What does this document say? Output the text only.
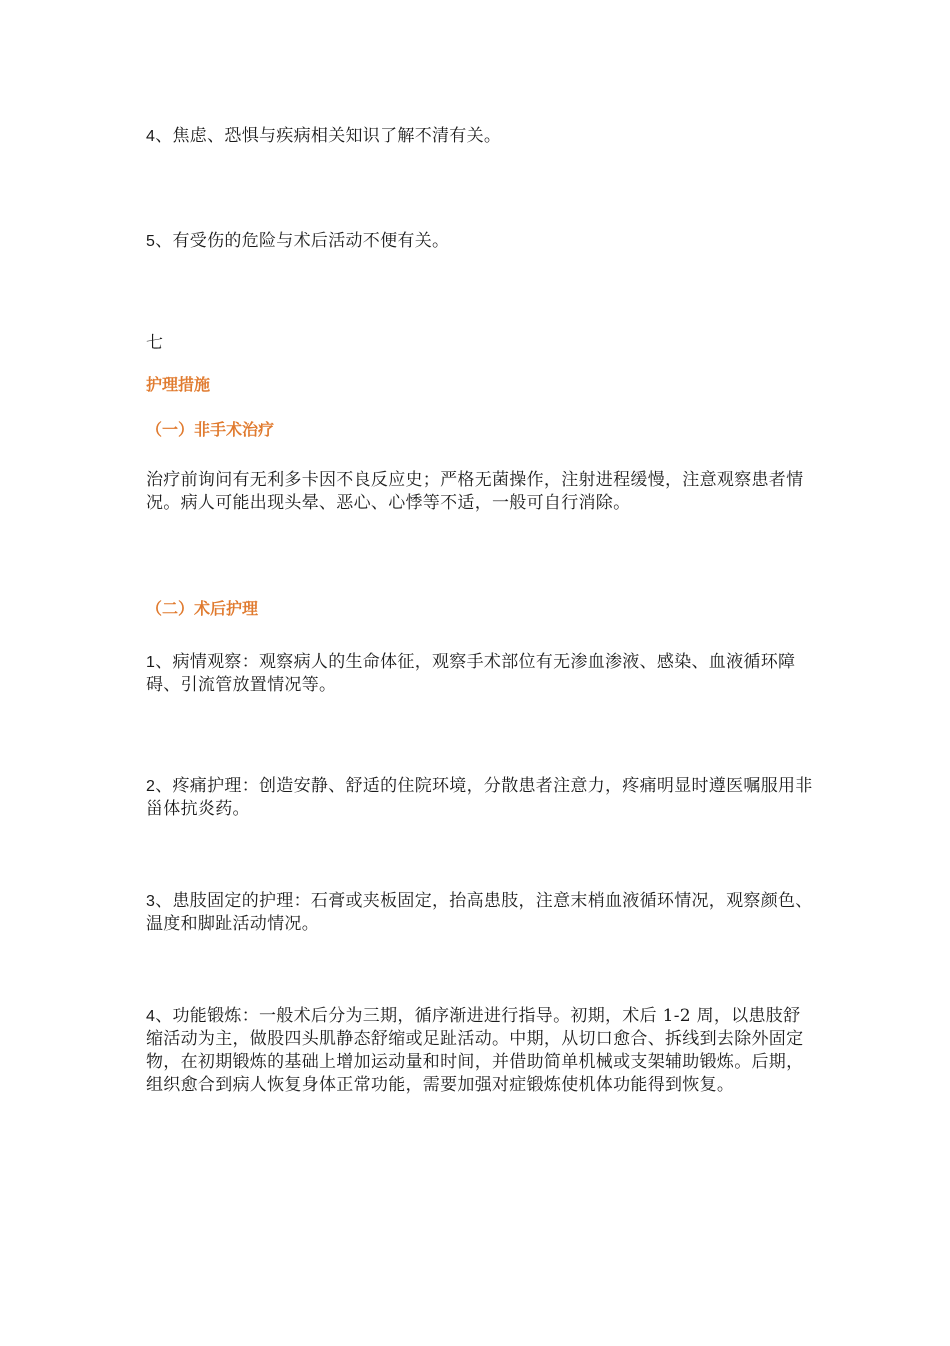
4、焦虑、恐惧与疾病相关知识了解不清有关。

5、有受伤的危险与术后活动不便有关。

七

护理措施
（一）非手术治疗

治疗前询问有无利多卡因不良反应史；严格无菌操作，注射进程缓慢，注意观察患者情况。病人可能出现头晕、恶心、心悸等不适，一般可自行消除。

（二）术后护理

1、病情观察：观察病人的生命体征，观察手术部位有无渗血渗液、感染、血液循环障碍、引流管放置情况等。

2、疼痛护理：创造安静、舒适的住院环境，分散患者注意力，疼痛明显时遵医嘱服用非甾体抗炎药。

3、患肢固定的护理：石膏或夹板固定，抬高患肢，注意末梢血液循环情况，观察颜色、温度和脚趾活动情况。

4、功能锻炼：一般术后分为三期，循序渐进进行指导。初期，术后 1-2 周，以患肢舒缩活动为主，做股四头肌静态舒缩或足趾活动。中期，从切口愈合、拆线到去除外固定物，在初期锻炼的基础上增加运动量和时间，并借助简单机械或支架辅助锻炼。后期，组织愈合到病人恢复身体正常功能，需要加强对症锻炼使机体功能得到恢复。
